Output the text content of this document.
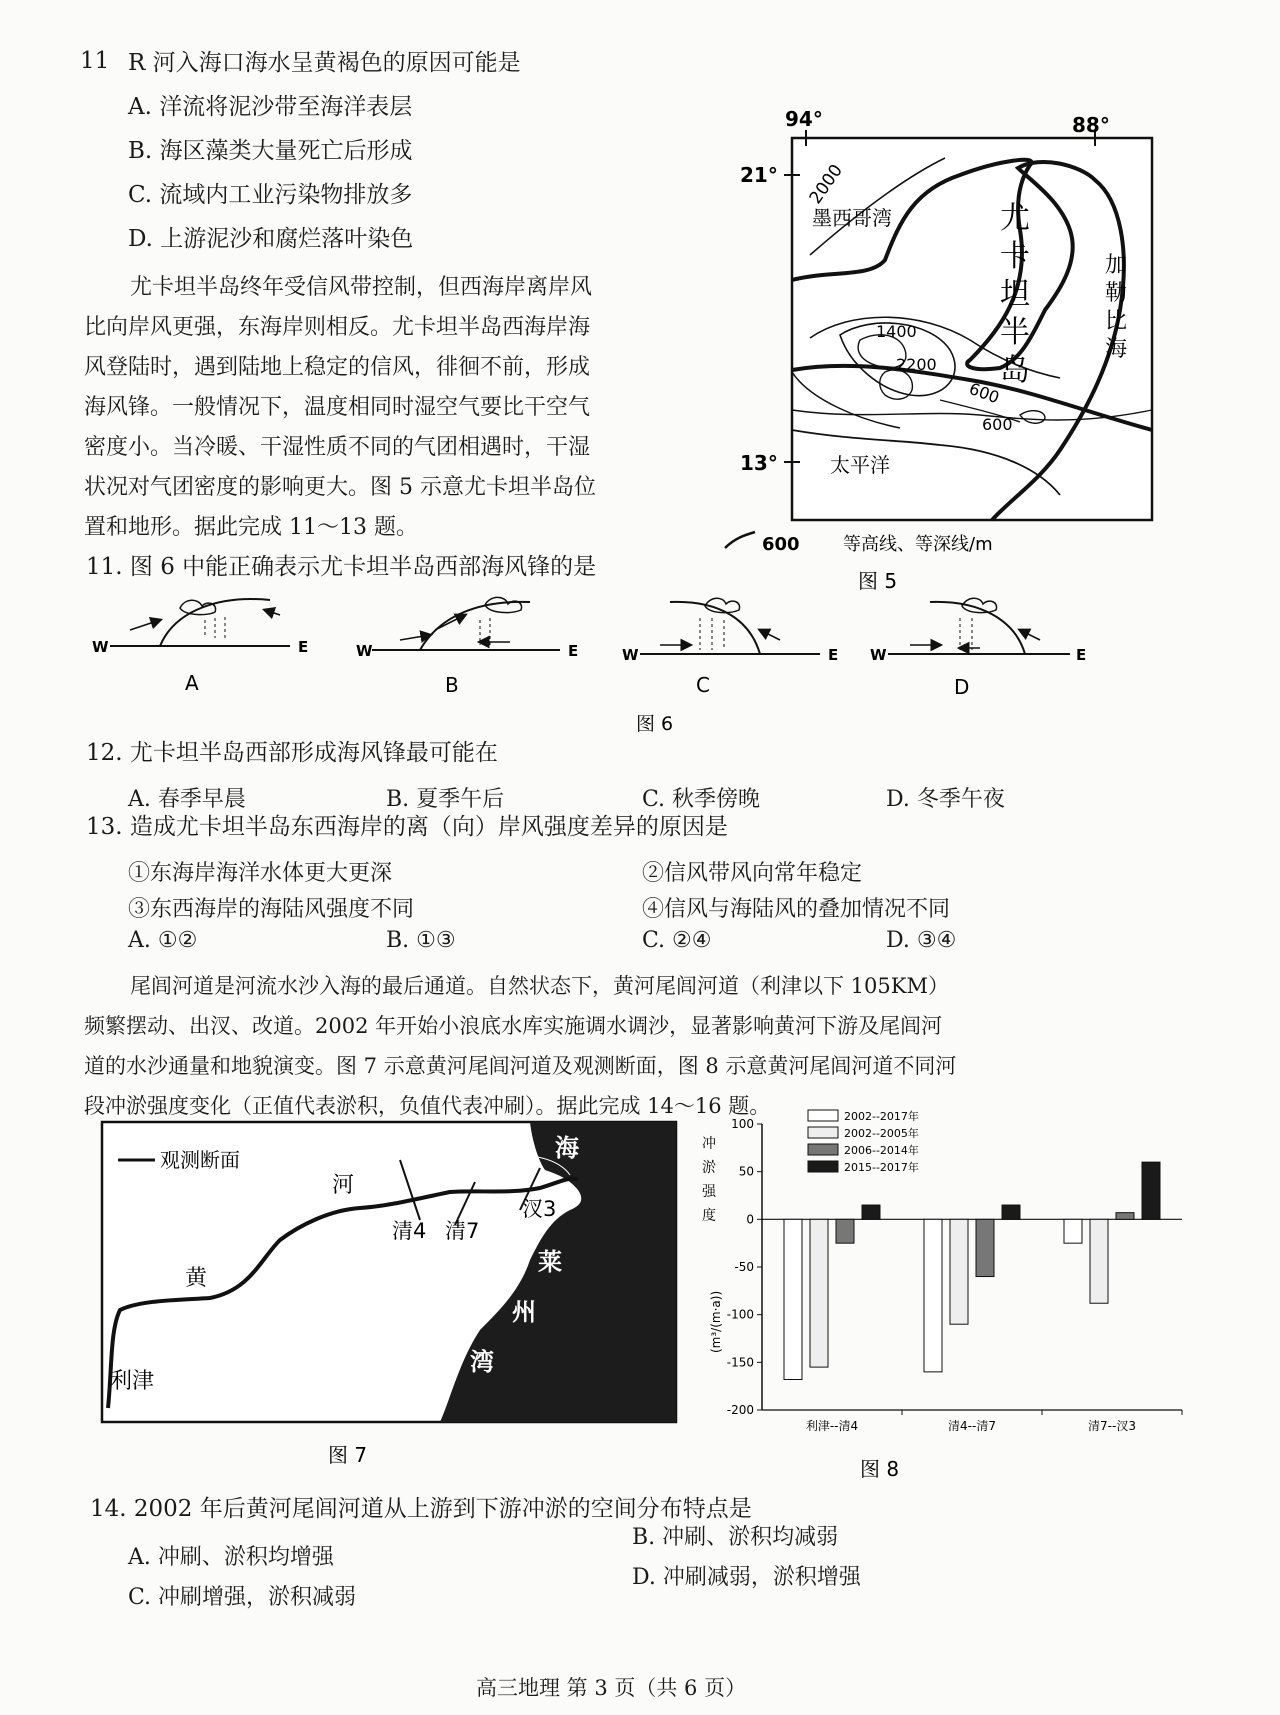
11 R 河入海口海水呈黄褐色的原因可能是
A. 洋流将泥沙带至海洋表层
B. 海区藻类大量死亡后形成
C. 流域内工业污染物排放多
D. 上游泥沙和腐烂落叶染色
尤卡坦半岛终年受信风带控制，但西海岸离岸风
比向岸风更强，东海岸则相反。尤卡坦半岛西海岸海
风登陆时，遇到陆地上稳定的信风，徘徊不前，形成
海风锋。一般情况下，温度相同时湿空气要比干空气
密度小。当冷暖、干湿性质不同的气团相遇时，干湿
状况对气团密度的影响更大。图 5 示意尤卡坦半岛位
置和地形。据此完成 11～13 题。
94°	88°
21°
13°
2000
墨西哥湾	尤
卡
坦
半
岛
加
勒
比
海
1400
2200
600
600
太平洋
600 等高线、等深线/m
图 5
11. 图 6 中能正确表示尤卡坦半岛西部海风锋的是
W	E
A
W	E
B
W	E
C
W	E
D
图 6
12. 尤卡坦半岛西部形成海风锋最可能在
A. 春季早晨	B. 夏季午后	C. 秋季傍晚	D. 冬季午夜
13. 造成尤卡坦半岛东西海岸的离（向）岸风强度差异的原因是
①东海岸海洋水体更大更深	②信风带风向常年稳定
③东西海岸的海陆风强度不同	④信风与海陆风的叠加情况不同
A. ①②	B. ①③	C. ②④	D. ③④
尾闾河道是河流水沙入海的最后通道。自然状态下，黄河尾闾河道（利津以下 105KM）
频繁摆动、出汊、改道。2002 年开始小浪底水库实施调水调沙，显著影响黄河下游及尾闾河
道的水沙通量和地貌演变。图 7 示意黄河尾闾河道及观测断面，图 8 示意黄河尾闾河道不同河
段冲淤强度变化（正值代表淤积，负值代表冲刷）。据此完成 14～16 题。
观测断面	渤 海
河
黄
清4 清7
汊3
莱
州
湾
利津
图 7
100
50
0
-50
-100
-150
-200
冲
淤
强
度
(m³/(m·a))
利津--清4	清4--清7	清7--汊3
2002--2017年
2002--2005年
2006--2014年
2015--2017年
图 8
14. 2002 年后黄河尾闾河道从上游到下游冲淤的空间分布特点是
A. 冲刷、淤积均增强
B. 冲刷、淤积均减弱
C. 冲刷增强，淤积减弱
D. 冲刷减弱，淤积增强
高三地理 第 3 页（共 6 页）
